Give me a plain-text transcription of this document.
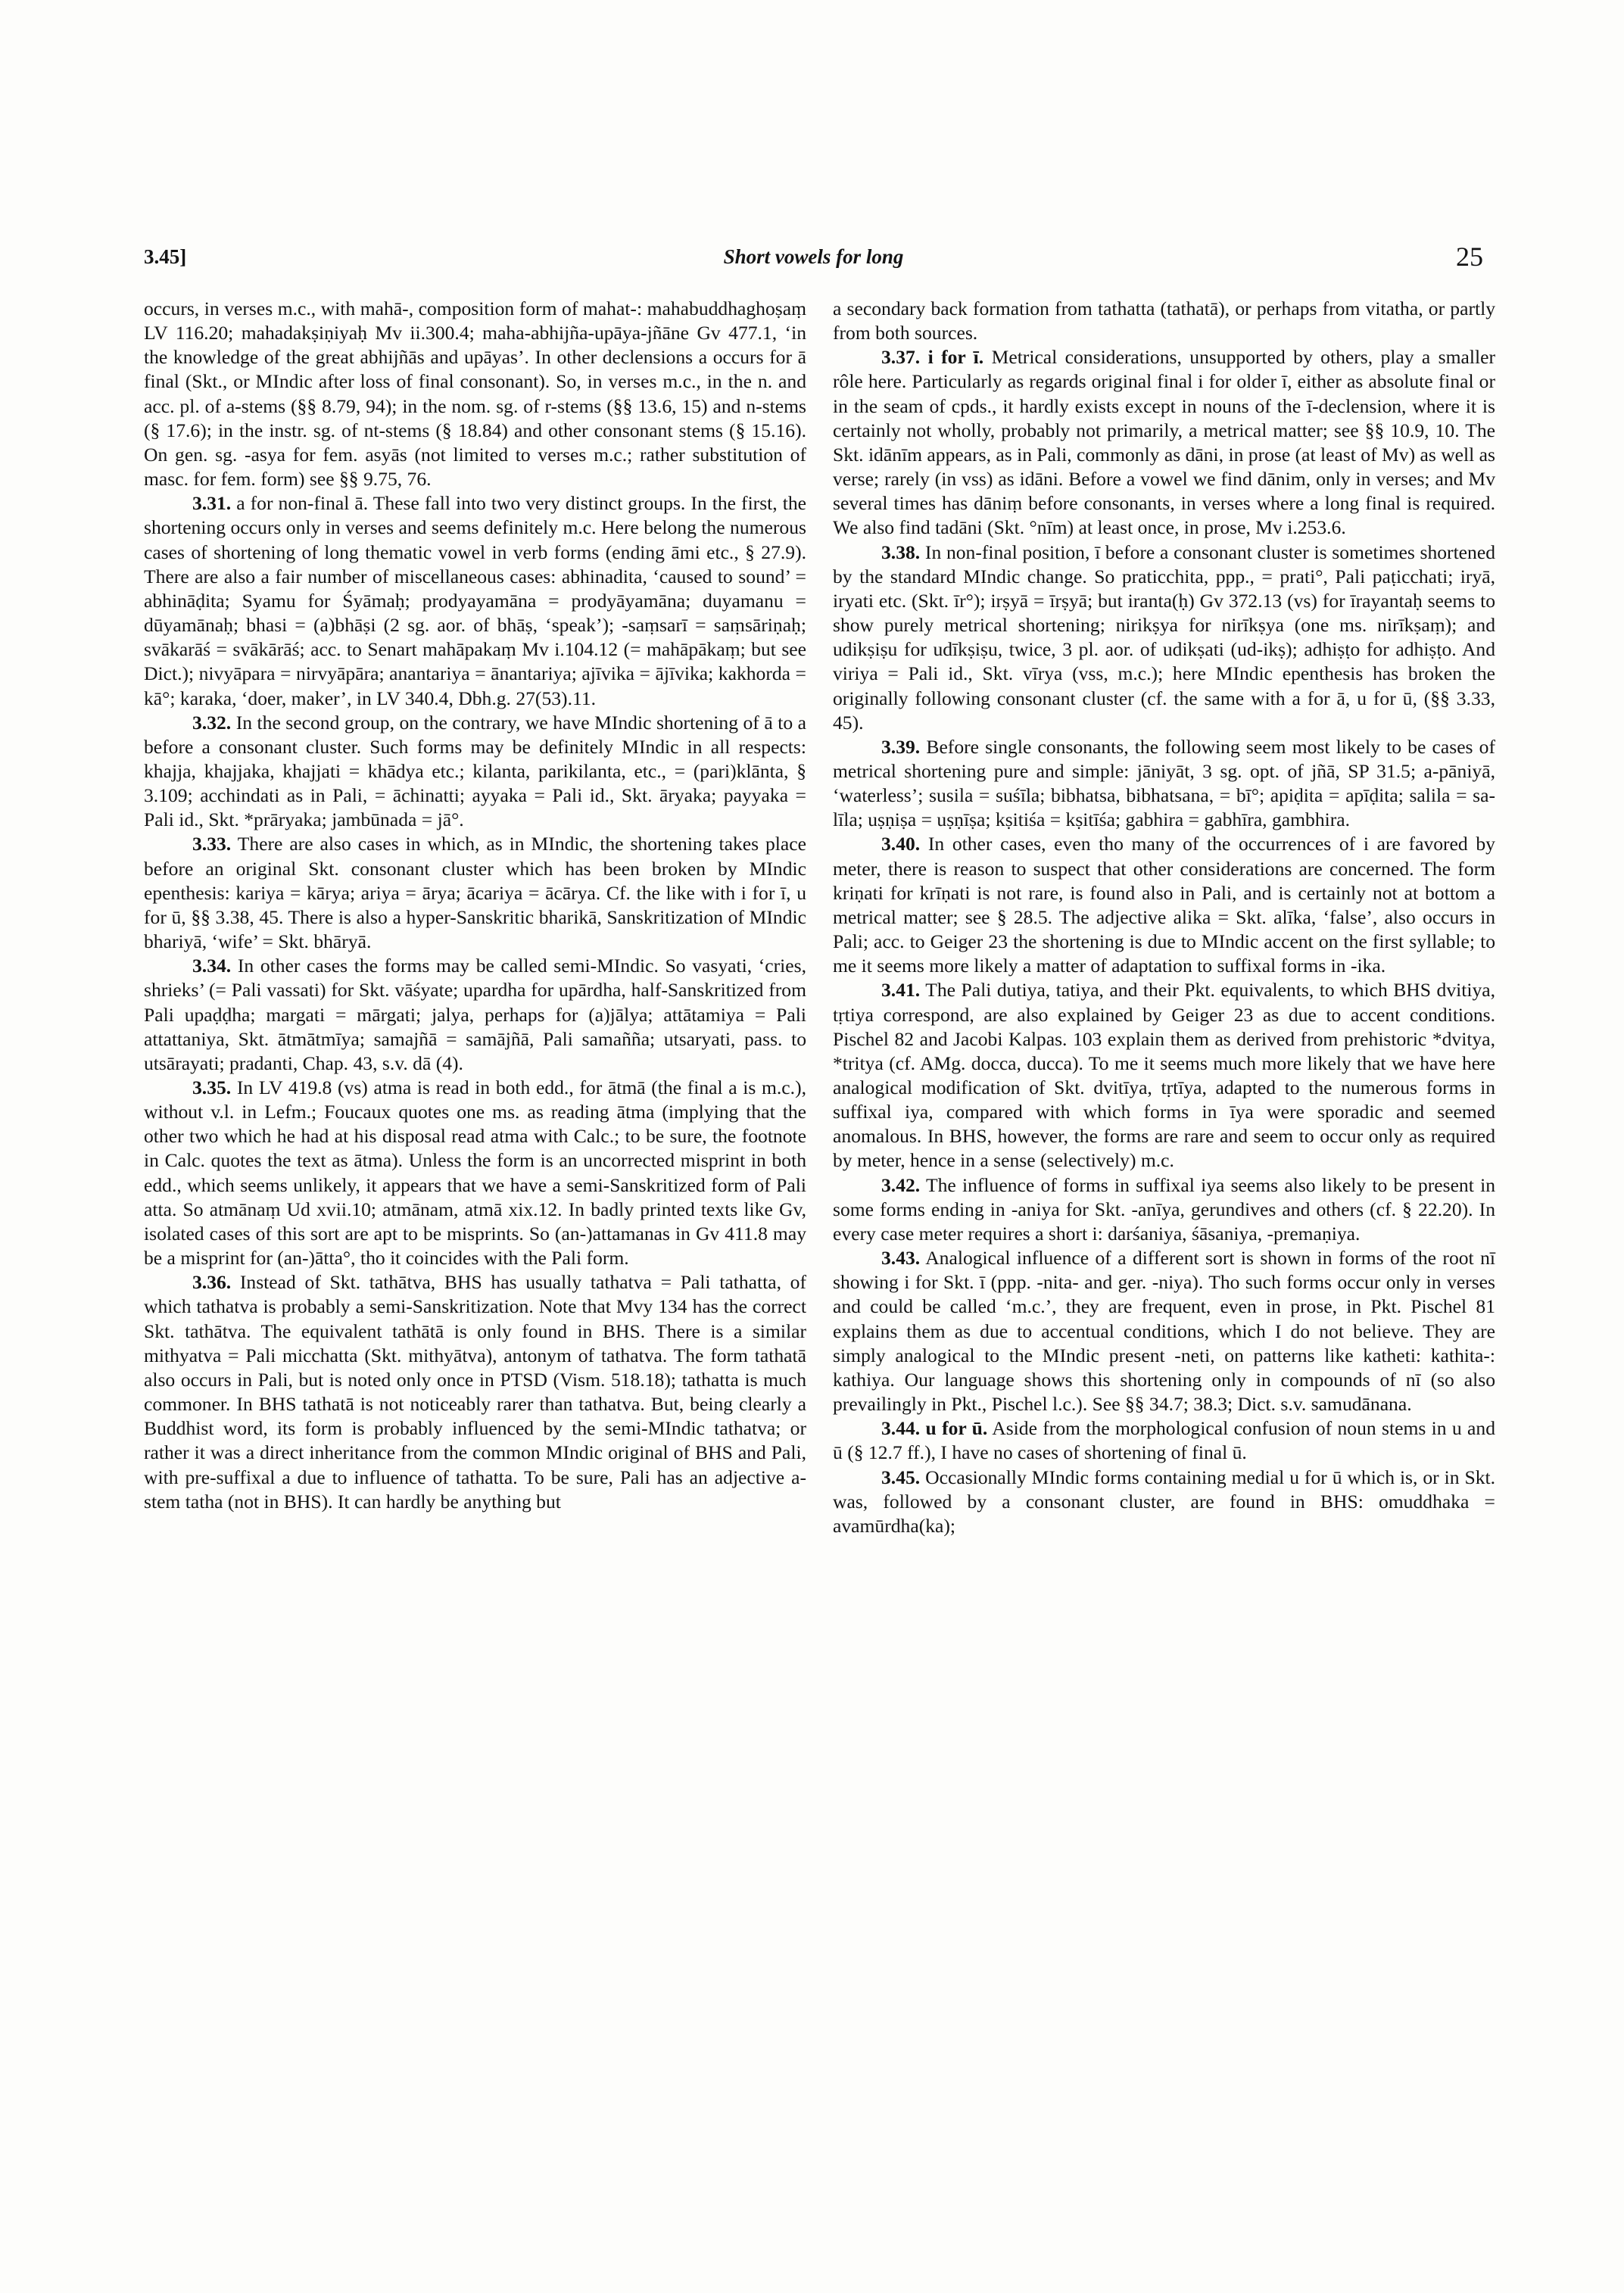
3.45]	Short vowels for long	25

occurs, in verses m.c., with mahā-, composition form of mahat-: mahabuddhaghoṣaṃ LV 116.20; mahadakṣiṇiyaḥ Mv ii.300.4; maha-abhijña-upāya-jñāne Gv 477.1, ‘in the knowledge of the great abhijñās and upāyas’. In other declensions a occurs for ā final (Skt., or MIndic after loss of final consonant). So, in verses m.c., in the n. and acc. pl. of a-stems (§§ 8.79, 94); in the nom. sg. of r-stems (§§ 13.6, 15) and n-stems (§ 17.6); in the instr. sg. of nt-stems (§ 18.84) and other consonant stems (§ 15.16). On gen. sg. -asya for fem. asyās (not limited to verses m.c.; rather substitution of masc. for fem. form) see §§ 9.75, 76.

3.31. a for non-final ā. These fall into two very distinct groups. In the first, the shortening occurs only in verses and seems definitely m.c. Here belong the numerous cases of shortening of long thematic vowel in verb forms (ending āmi etc., § 27.9). There are also a fair number of miscellaneous cases: abhinadita, ‘caused to sound’ = abhināḍita; Syamu for Śyāmaḥ; prodyayamāna = prodyāyamāna; duyamanu = dūyamānaḥ; bhasi = (a)bhāṣi (2 sg. aor. of bhāṣ, ‘speak’); -saṃsarī = saṃsāriṇaḥ; svākarāś = svākārāś; acc. to Senart mahāpakaṃ Mv i.104.12 (= mahāpākaṃ; but see Dict.); nivyāpara = nirvyāpāra; anantariya = ānantariya; ajīvika = ājīvika; kakhorda = kā°; karaka, ‘doer, maker’, in LV 340.4, Dbh.g. 27(53).11.

3.32. In the second group, on the contrary, we have MIndic shortening of ā to a before a consonant cluster. Such forms may be definitely MIndic in all respects: khajja, khajjaka, khajjati = khādya etc.; kilanta, parikilanta, etc., = (pari)klānta, § 3.109; acchindati as in Pali, = āchinatti; ayyaka = Pali id., Skt. āryaka; payyaka = Pali id., Skt. *prāryaka; jambūnada = jā°.

3.33. There are also cases in which, as in MIndic, the shortening takes place before an original Skt. consonant cluster which has been broken by MIndic epenthesis: kariya = kārya; ariya = ārya; ācariya = ācārya. Cf. the like with i for ī, u for ū, §§ 3.38, 45. There is also a hyper-Sanskritic bharikā, Sanskritization of MIndic bhariyā, ‘wife’ = Skt. bhāryā.

3.34. In other cases the forms may be called semi-MIndic. So vasyati, ‘cries, shrieks’ (= Pali vassati) for Skt. vāśyate; upardha for upārdha, half-Sanskritized from Pali upaḍḍha; margati = mārgati; jalya, perhaps for (a)jālya; attātamiya = Pali attattaniya, Skt. ātmātmīya; samajñā = samājñā, Pali samañña; utsaryati, pass. to utsārayati; pradanti, Chap. 43, s.v. dā (4).

3.35. In LV 419.8 (vs) atma is read in both edd., for ātmā (the final a is m.c.), without v.l. in Lefm.; Foucaux quotes one ms. as reading ātma (implying that the other two which he had at his disposal read atma with Calc.; to be sure, the footnote in Calc. quotes the text as ātma). Unless the form is an uncorrected misprint in both edd., which seems unlikely, it appears that we have a semi-Sanskritized form of Pali atta. So atmānaṃ Ud xvii.10; atmānam, atmā xix.12. In badly printed texts like Gv, isolated cases of this sort are apt to be misprints. So (an-)attamanas in Gv 411.8 may be a misprint for (an-)ātta°, tho it coincides with the Pali form.

3.36. Instead of Skt. tathātva, BHS has usually tathatva = Pali tathatta, of which tathatva is probably a semi-Sanskritization. Note that Mvy 134 has the correct Skt. tathātva. The equivalent tathātā is only found in BHS. There is a similar mithyatva = Pali micchatta (Skt. mithyātva), antonym of tathatva. The form tathatā also occurs in Pali, but is noted only once in PTSD (Vism. 518.18); tathatta is much commoner. In BHS tathatā is not noticeably rarer than tathatva. But, being clearly a Buddhist word, its form is probably influenced by the semi-MIndic tathatva; or rather it was a direct inheritance from the common MIndic original of BHS and Pali, with pre-suffixal a due to influence of tathatta. To be sure, Pali has an adjective a-stem tatha (not in BHS). It can hardly be anything but

a secondary back formation from tathatta (tathatā), or perhaps from vitatha, or partly from both sources.

3.37. i for ī. Metrical considerations, unsupported by others, play a smaller rôle here. Particularly as regards original final i for older ī, either as absolute final or in the seam of cpds., it hardly exists except in nouns of the ī-declension, where it is certainly not wholly, probably not primarily, a metrical matter; see §§ 10.9, 10. The Skt. idānīm appears, as in Pali, commonly as dāni, in prose (at least of Mv) as well as verse; rarely (in vss) as idāni. Before a vowel we find dānim, only in verses; and Mv several times has dāniṃ before consonants, in verses where a long final is required. We also find tadāni (Skt. °nīm) at least once, in prose, Mv i.253.6.

3.38. In non-final position, ī before a consonant cluster is sometimes shortened by the standard MIndic change. So praticchita, ppp., = prati°, Pali paṭicchati; iryā, iryati etc. (Skt. īr°); irṣyā = īrṣyā; but iranta(ḥ) Gv 372.13 (vs) for īrayantaḥ seems to show purely metrical shortening; nirikṣya for nirīkṣya (one ms. nirīkṣaṃ); and udikṣiṣu for udīkṣiṣu, twice, 3 pl. aor. of udikṣati (ud-ikṣ); adhiṣṭo for adhiṣṭo. And viriya = Pali id., Skt. vīrya (vss, m.c.); here MIndic epenthesis has broken the originally following consonant cluster (cf. the same with a for ā, u for ū, (§§ 3.33, 45).

3.39. Before single consonants, the following seem most likely to be cases of metrical shortening pure and simple: jāniyāt, 3 sg. opt. of jñā, SP 31.5; a-pāniyā, ‘waterless’; susila = suśīla; bibhatsa, bibhatsana, = bī°; apiḍita = apīḍita; salila = sa-līla; uṣṇiṣa = uṣṇīṣa; kṣitiśa = kṣitīśa; gabhira = gabhīra, gambhira.

3.40. In other cases, even tho many of the occurrences of i are favored by meter, there is reason to suspect that other considerations are concerned. The form kriṇati for krīṇati is not rare, is found also in Pali, and is certainly not at bottom a metrical matter; see § 28.5. The adjective alika = Skt. alīka, ‘false’, also occurs in Pali; acc. to Geiger 23 the shortening is due to MIndic accent on the first syllable; to me it seems more likely a matter of adaptation to suffixal forms in -ika.

3.41. The Pali dutiya, tatiya, and their Pkt. equivalents, to which BHS dvitiya, tṛtiya correspond, are also explained by Geiger 23 as due to accent conditions. Pischel 82 and Jacobi Kalpas. 103 explain them as derived from prehistoric *dvitya, *tritya (cf. AMg. docca, ducca). To me it seems much more likely that we have here analogical modification of Skt. dvitīya, tṛtīya, adapted to the numerous forms in suffixal iya, compared with which forms in īya were sporadic and seemed anomalous. In BHS, however, the forms are rare and seem to occur only as required by meter, hence in a sense (selectively) m.c.

3.42. The influence of forms in suffixal iya seems also likely to be present in some forms ending in -aniya for Skt. -anīya, gerundives and others (cf. § 22.20). In every case meter requires a short i: darśaniya, śāsaniya, -premaṇiya.

3.43. Analogical influence of a different sort is shown in forms of the root nī showing i for Skt. ī (ppp. -nita- and ger. -niya). Tho such forms occur only in verses and could be called ‘m.c.’, they are frequent, even in prose, in Pkt. Pischel 81 explains them as due to accentual conditions, which I do not believe. They are simply analogical to the MIndic present -neti, on patterns like katheti: kathita-: kathiya. Our language shows this shortening only in compounds of nī (so also prevailingly in Pkt., Pischel l.c.). See §§ 34.7; 38.3; Dict. s.v. samudānana.

3.44. u for ū. Aside from the morphological confusion of noun stems in u and ū (§ 12.7 ff.), I have no cases of shortening of final ū.

3.45. Occasionally MIndic forms containing medial u for ū which is, or in Skt. was, followed by a consonant cluster, are found in BHS: omuddhaka = avamūrdha(ka);
